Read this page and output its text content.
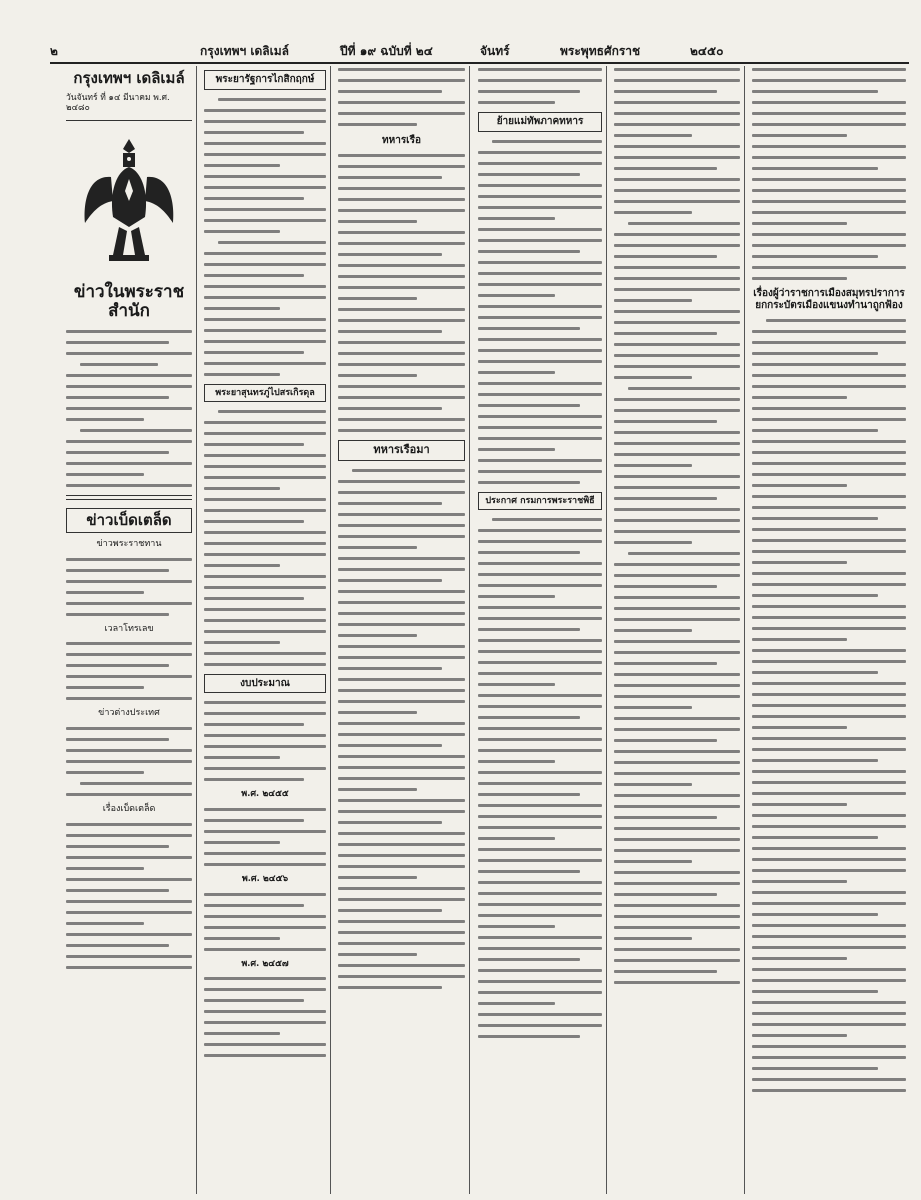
๒	กรุงเทพฯ เดลิเมล์	ปีที่ ๑๙ ฉบับที่ ๒๔	จันทร์	พระพุทธศักราช	๒๔๕๐
กรุงเทพฯ เดลิเมล์
วันจันทร์ ที่ ๑๔ มีนาคม พ.ศ. ๒๔๘๐
ข่าวในพระราชสำนัก
ข่าวเบ็ดเตล็ด
ข่าวพระราชทาน
เวลาโทรเลข
ข่าวต่างประเทศ
เรื่องเบ็ดเตล็ด
พระยารัฐการไกสิกฤกษ์
พระยาสุนทรภู่ไปสรเกิรดุล
งบประมาณ
พ.ศ. ๒๔๕๕
พ.ศ. ๒๔๕๖
พ.ศ. ๒๔๕๗
ทหารเรือ
ทหารเรือมา
ย้ายแม่ทัพภาคทหาร
ประกาศ กรมการพระราชพิธี
เรื่องผู้ว่าราชการเมืองสมุทรปราการ ยกกระบัตรเมืองแขนงทำนาถูกฟ้อง
